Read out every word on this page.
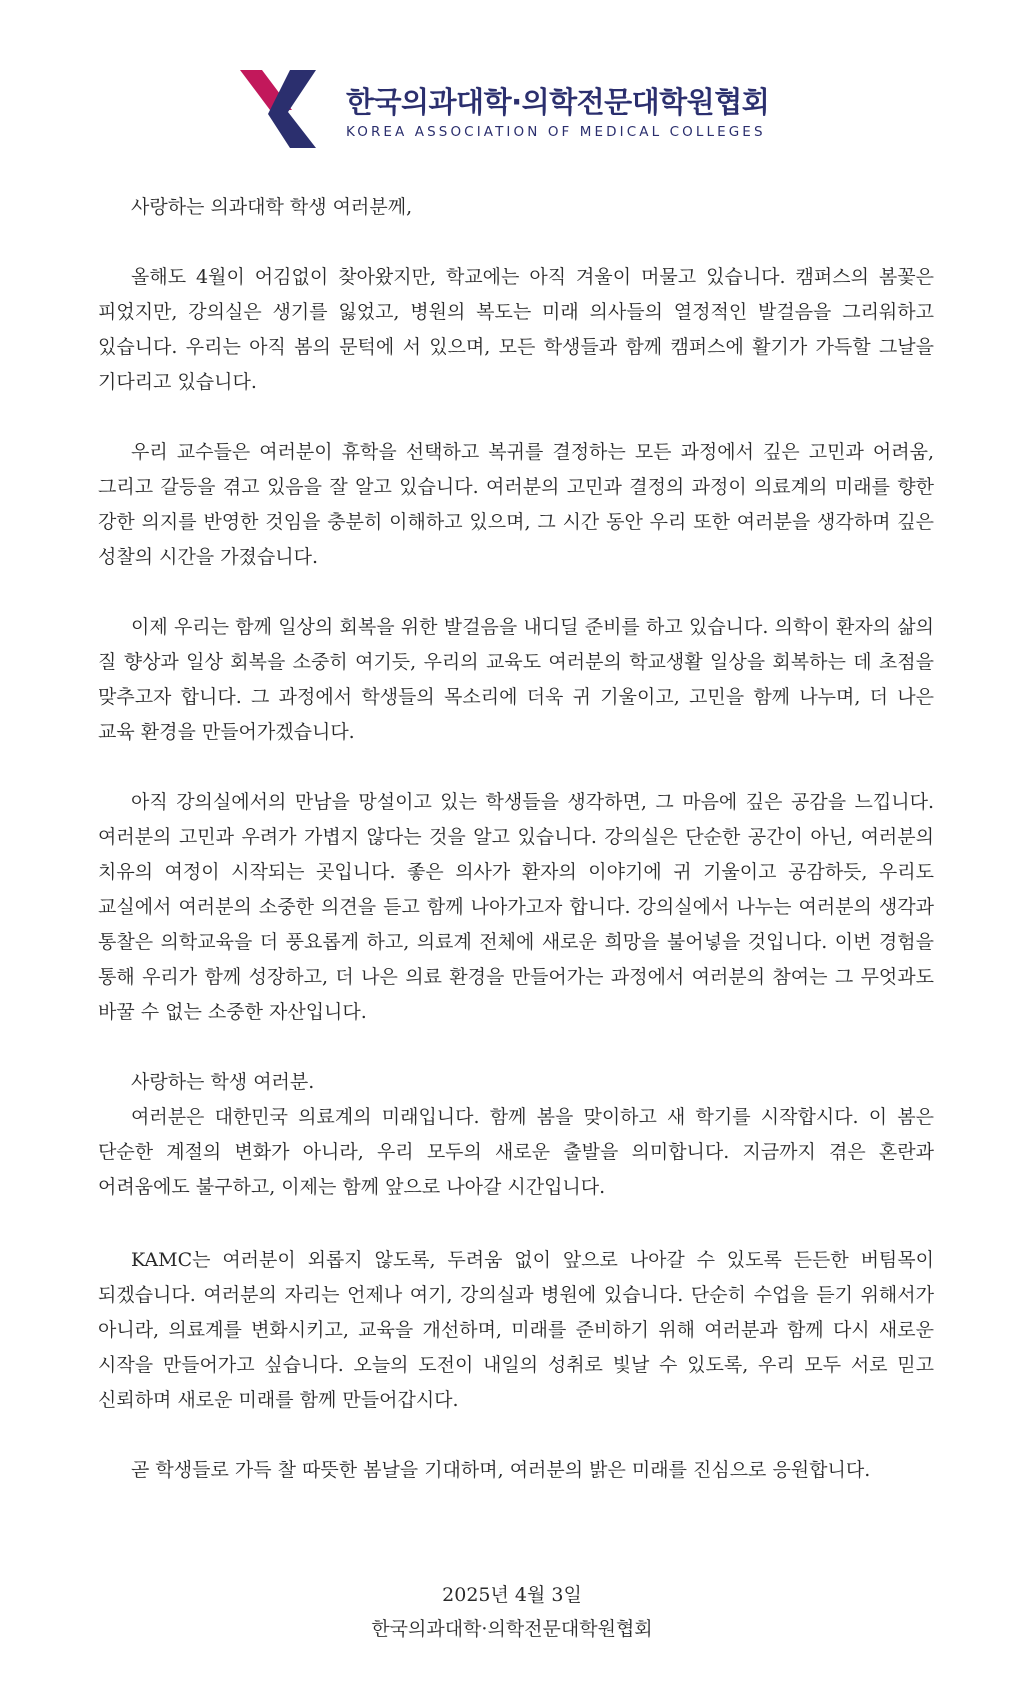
한국의과대학·의학전문대학원협회
KOREA ASSOCIATION OF MEDICAL COLLEGES

사랑하는 의과대학 학생 여러분께,

올해도 4월이 어김없이 찾아왔지만, 학교에는 아직 겨울이 머물고 있습니다. 캠퍼스의 봄꽃은 피었지만, 강의실은 생기를 잃었고, 병원의 복도는 미래 의사들의 열정적인 발걸음을 그리워하고 있습니다. 우리는 아직 봄의 문턱에 서 있으며, 모든 학생들과 함께 캠퍼스에 활기가 가득할 그날을 기다리고 있습니다.

우리 교수들은 여러분이 휴학을 선택하고 복귀를 결정하는 모든 과정에서 깊은 고민과 어려움, 그리고 갈등을 겪고 있음을 잘 알고 있습니다. 여러분의 고민과 결정의 과정이 의료계의 미래를 향한 강한 의지를 반영한 것임을 충분히 이해하고 있으며, 그 시간 동안 우리 또한 여러분을 생각하며 깊은 성찰의 시간을 가졌습니다.

이제 우리는 함께 일상의 회복을 위한 발걸음을 내디딜 준비를 하고 있습니다. 의학이 환자의 삶의 질 향상과 일상 회복을 소중히 여기듯, 우리의 교육도 여러분의 학교생활 일상을 회복하는 데 초점을 맞추고자 합니다. 그 과정에서 학생들의 목소리에 더욱 귀 기울이고, 고민을 함께 나누며, 더 나은 교육 환경을 만들어가겠습니다.

아직 강의실에서의 만남을 망설이고 있는 학생들을 생각하면, 그 마음에 깊은 공감을 느낍니다. 여러분의 고민과 우려가 가볍지 않다는 것을 알고 있습니다. 강의실은 단순한 공간이 아닌, 여러분의 치유의 여정이 시작되는 곳입니다. 좋은 의사가 환자의 이야기에 귀 기울이고 공감하듯, 우리도 교실에서 여러분의 소중한 의견을 듣고 함께 나아가고자 합니다. 강의실에서 나누는 여러분의 생각과 통찰은 의학교육을 더 풍요롭게 하고, 의료계 전체에 새로운 희망을 불어넣을 것입니다. 이번 경험을 통해 우리가 함께 성장하고, 더 나은 의료 환경을 만들어가는 과정에서 여러분의 참여는 그 무엇과도 바꿀 수 없는 소중한 자산입니다.

사랑하는 학생 여러분.

여러분은 대한민국 의료계의 미래입니다. 함께 봄을 맞이하고 새 학기를 시작합시다. 이 봄은 단순한 계절의 변화가 아니라, 우리 모두의 새로운 출발을 의미합니다. 지금까지 겪은 혼란과 어려움에도 불구하고, 이제는 함께 앞으로 나아갈 시간입니다.

KAMC는 여러분이 외롭지 않도록, 두려움 없이 앞으로 나아갈 수 있도록 든든한 버팀목이 되겠습니다. 여러분의 자리는 언제나 여기, 강의실과 병원에 있습니다. 단순히 수업을 듣기 위해서가 아니라, 의료계를 변화시키고, 교육을 개선하며, 미래를 준비하기 위해 여러분과 함께 다시 새로운 시작을 만들어가고 싶습니다. 오늘의 도전이 내일의 성취로 빛날 수 있도록, 우리 모두 서로 믿고 신뢰하며 새로운 미래를 함께 만들어갑시다.

곧 학생들로 가득 찰 따뜻한 봄날을 기대하며, 여러분의 밝은 미래를 진심으로 응원합니다.

2025년 4월 3일
한국의과대학·의학전문대학원협회
